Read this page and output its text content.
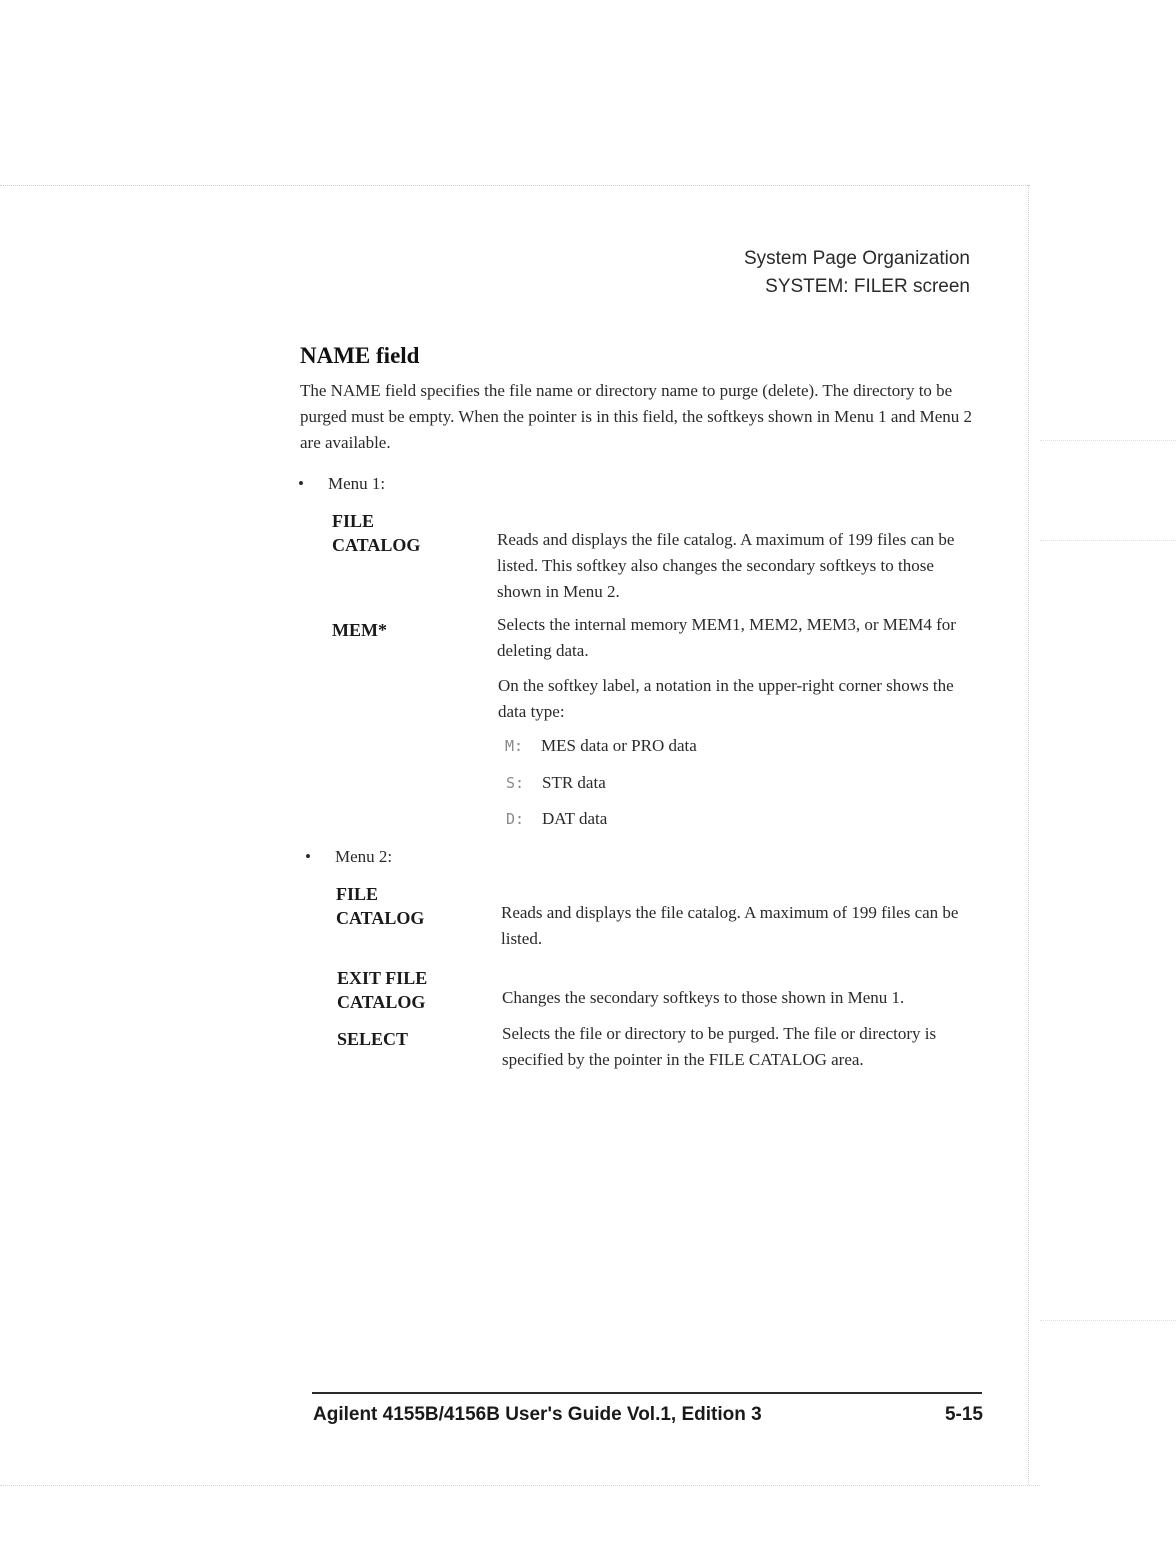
System Page Organization
SYSTEM: FILER screen
NAME field
The NAME field specifies the file name or directory name to purge (delete). The directory to be purged must be empty. When the pointer is in this field, the softkeys shown in Menu 1 and Menu 2 are available.
• Menu 1:
FILE
CATALOG	Reads and displays the file catalog. A maximum of 199 files can be listed. This softkey also changes the secondary softkeys to those shown in Menu 2.
MEM*	Selects the internal memory MEM1, MEM2, MEM3, or MEM4 for deleting data.
On the softkey label, a notation in the upper-right corner shows the data type:
M: MES data or PRO data
S: STR data
D: DAT data
• Menu 2:
FILE
CATALOG	Reads and displays the file catalog. A maximum of 199 files can be listed.
EXIT FILE
CATALOG	Changes the secondary softkeys to those shown in Menu 1.
SELECT	Selects the file or directory to be purged. The file or directory is specified by the pointer in the FILE CATALOG area.
Agilent 4155B/4156B User's Guide Vol.1, Edition 3	5-15
